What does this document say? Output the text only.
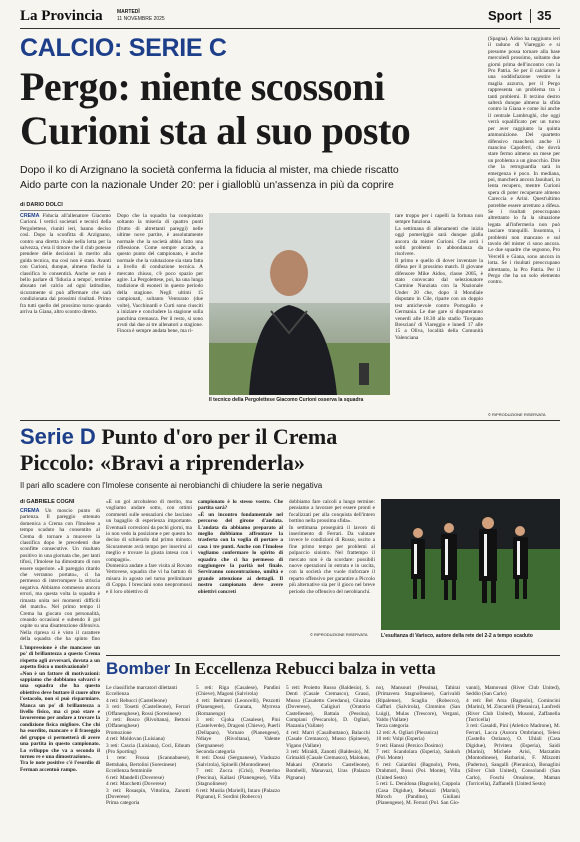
La Provincia	MARTEDÌ
11 NOVEMBRE 2025	Sport 35
CALCIO: SERIE C
Pergo: niente scossoni
Curioni sta al suo posto
Dopo il ko di Arzignano la società conferma la fiducia al mister, ma chiede riscatto
Aido parte con la nazionale Under 20: per i gialloblù un'assenza in più da coprire
di DARIO DOLCI
CREMA Fiducia all'allenatore Giacomo Curioni. I vertici societari e tecnici della Pergolettese, riuniti ieri, hanno deciso così. Dopo la sconfitta di Arzignano, contro una diretta rivale nella lotta per la salvezza, c'era il timore che il club potesse prendere delle decisioni in merito alla guida tecnica, ma così non è stato. Avanti con Curioni, dunque, almeno finché la classifica lo consentirà. Anche se non è bello parlare di 'fiducia a tempo', termine abusato nel calcio ad ogni latitudine, sicuramente si può affermare che sarà condizionata dai prossimi risultati. Primo fra tutti quello del prossimo turno quando arriva la Giana, altro scontro diretto.
Dopo che la squadra ha conquistato soltanto la miseria di quattro punti (frutto di altrettanti pareggi) nelle ultime nove partite, è assolutamente normale che la società abbia fatto una riflessione. Come sempre accade, a questo punto del campionato, è anche normale che la valutazione sia stata fatta a livello di conduzione tecnica. A mercato chiuso, c'è poco spazio per agire. La Pergolettese, poi, ha una lunga tradizione di esoneri in questo periodo della stagione. Negli ultimi 15 campionati, soltanto Venturato (due volte), Vacchinardi e Curti sono riusciti a iniziare e concludere la stagione sulla panchina cremasca. Per il resto, si sono avuti dai due ai tre allenatori a stagione. Finora è sempre andata bene, ma ri-
Il tecnico della Pergolettese Giacomo Curioni osserva la squadra
(Spagna). Aidoo ha raggiunto ieri il raduno di Viareggio e si presume possa tornare alla base mercoledì prossimo, soltanto due giorni prima dell'incontro con la Pro Patria. Se per il calciatore è una soddisfazione vestire la maglia azzurra, per il Pergo rappresenta un problema tra i tanti problemi. Il terzino destro salterà dunque almeno la sfida contro la Giana e come lui anche il centrale Lambrughi, che oggi verrà squalificato per un turno per aver raggiunto la quinta ammonizione. Del quartetto difensivo mancherà anche il mancino Capoferri, che dovrà stare fermo almeno un mese per un problema a un ginocchio. Dire che la retroguardia sarà in emergenza è poco. In mediana, poi, mancherà ancora Jaouhari, in lenta recupero, mentre Curioni spera di poter recuperare almeno Careccia e Arini. Quest'ultimo potrebbe essere arretrato a difesa. Se i risultati preoccupano altrettanto lo fa la situazione legata all'infermeria non può lasciare tranquilli. Insomma, i problemi non mancano e sul tavolo del mister ci sono ancora. Le due squadre che seguono, Pro Vercelli e Giana, sono ancora in lotta. Se i risultati preoccupano altrettanto, la Pro Patria. Per il Pergo che ha un solo elemento contro.
rare troppo per i capelli la fortuna non sempre funziona.
La settimana di allenamenti che inizia oggi pomeriggio sarà dunque gialla ancora da mister Curioni. Che avrà i soliti problemi in abbondanza da risolvere.
Il primo e quello di dover inventare la difesa per il prossimo match. Il giovane difensore Mike Aidoo, classe 2005, è stato convocato dal selezionatore Carmine Nunziata con la Nazionale Under 20 che, dopo il Mondiale disputato in Cile, riparte con un doppio test amichevole contro Portogallo e Germania. Le due gare si disputeranno venerdì alle 18.30 allo stadio 'Torquato Bresciani' di Viareggio e lunedì 17 alle 15 a Oliva, località della Comunità Valenciana
© RIPRODUZIONE RISERVATA
Serie D Punto d'oro per il Crema
Piccolo: «Bravi a riprenderla»
Il pari allo scadere con l'Imolese consente ai nerobianchi di chiudere la serie negativa
di GABRIELE COGNI
CREMA Un moscio punto di partenza. Il pareggio ottenuto domenica a Crema con l'Imolese a tempo scaduto ha consentito al Crema di tornare a muovere la classifica dopo le precedenti due sconfitte consecutive. Un risultato positivo in una giornata che, per tanti tifosi, l'Imolese ha dimostrato di non essere superiore. «Il pareggio ritardo che verranno portato», ci ha permesso di interrompere la striscia negativa. Abbiamo commesso ancora errori, ma questa volta la squadra è rimasta unita nei momenti difficili del match». Nel primo tempo il Crema ha giocato con personalità, creando occasioni e subendo il gol ospite su una disattenzione difensiva. Nella ripresa si è visto il carattere della squadra che ha spinto fino
L'impressione è che mancasse un po' di brillantezza a questo Crema rispetto agli avversari, dovuta a un aspetto fisico o motivazionale?
«Non è un fattore di motivazioni: sappiamo che dobbiamo salvarci e una squadra che ha questo obiettivo deve buttare il cuore oltre l'ostacolo, non si può risparmiare. Manca un po' di brillantezza a livello fisico, ma ci può stare e lavoreremo per andare a trovare la condizione fisica migliore. Che chi ha esordito, mancare e il fraseggio del gruppo ci permetterà di avere una partita in questo campionato. Lo sviluppo che va a secondo il torneo re e una dimostrazione».
Tra le note positive c'è l'esordio di Ferman accentuò rampo.
«È un gol arcobaleno di merito, ma vogliamo andare sotto, con ottimi commenti sulle sensazioni che lasciano un bagaglio di esperienza importante. Eventuali correzioni da pochi giorni, ma io non vedo la posizione e per questo ho deciso di schierarlo dal primo minuto. Sicuramente avrà tempo per inserirsi al meglio e trovare la giusta intesa con i compagni».
Domenica andate a fare visita al Rovato Vertovese, squadra che vi ha battuto di misura in agosto nel turno preliminare di Coppa. I bresciani sono neopromossi e il loro obiettivo di
campionato è lo stesso vostro. Che partita sarà?
«È un incontro fondamentale nel percorso del girone d'andata. L'andata da abbiamo preparato al meglio dobbiamo affrontare la trasferta con la voglia di portare a casa i tre punti. Anche con l'Imolese vogliamo confermare lo spirito di squadra che ci ha permesso di raggiungere la parità nel finale. Serviranno concentrazione, umiltà e grande attenzione ai dettagli. Il nostro campionato deve avere obiettivi concreti
dobbiamo fare calcoli a lungo termine: pensiamo a lavorare per essere pronti e focalizzati per alla conquista dell'intero bottino nella prossima sfida».
In settimana proseguirà il lavoro di inserimento di Ferrari. Da valutare invece le condizioni di Russo, uscito a fine primo tempo per problemi al polpaccio sinistro. Nel frattempo il mercato non è da scordare: possibili nuove operazioni in entrata e in uscita, con la società che vuole rinforzare il reparto offensivo per garantire a Piccolo più alternative sia per il gioco nel breve periodo che offensivo del nerobianchi.
© RIPRODUZIONE RISERVATA	L'esultanza di Varisco, autore della rete del 2-2 a tempo scaduto
Bomber In Eccellenza Rebucci balza in vetta
Le classifiche marcatori dilettanti
Eccellenza
4 reti: Rebucci (Castelleone)
3 reti: Tosetti (Castelleone), Ferrari (Offanenghese), Rossi (Soresinese)
2 reti: Bosco (Rivoltana), Bettoni (Offanenghese)
Promozione
4 reti: Moldovan (Luisiana)
3 reti: Cascia (Luisiana), Coci, Eduum (Pro Sporting)
1 rete: Frussa (Scannabuese), Bettshaku, Bertolini (Soresinese)
Eccellenza femminile
6 reti: Mandelli (Doverese)
4 reti: Macchetti (Doverese)
3 reti: Rosaspin, Vittolina, Zanotti (Doverese)
Prima categoria
5 reti: Riga (Casalese), Pandini (Chieve), Magoni (Salvirola)
4 reti: Beltrami (Leoncelli), Pezzotti (Pianengese), Granata, Myrreza (Romanengo)
3 reti: Gjoka (Casalese), Pini (Castelverde), Dragoni (Chieve), Puerli (Dellapan), Vornaro (Pianengese), Ndiaye (Rivoltana), Valente (Sergnanese)
Seconda categoria
8 reti: Dossi (Sergnanese), Viaduzzo (Salvirola), Spinelli (Montodinese)
7 reti: Zocca (Crisi), Posterino (Pescina), Kaliasi (Pianengese), Villa (Stagnolinese)
6 reti: Muslia (Mariell), Intaro (Palazzo Pignano), F. Sordini (Robecco)
5 reti: Proietto Russo (Baldesio), S. Denti (Casale Cremasco), Grassi, Musso (Casaletto Ceredano), Gluzina (Doverese), Caligiuri (Oratorio Castelleone), Battaia (Pessina), Compiani (Pescarolo), D. Ogliari, Plazania (Vallate)
4 reti: Marri (Casalbuttano), Balacchi (Casale Cremasco), Musso (Spinese), Vigano (Vallate)
3 reti: Miraldi, Zanotti (Baldesio), M. Grimaldi (Casale Cremasco), Malokuu, Makani (Oratorio Castelleone), Bombelli, Manavazi, Uras (Palazzo Pignano)
no), Mansouri (Pessina), Tahirai (Primavera Stagnolinese), Garivaldi (Ripalense), Scaglia (Robecco), Gaffuri (Salvirola), Cimmino (San Luigi), Mulas (Trescore), Vergani, Valdo (Vallate)
Terza categoria
12 reti: A. Ogliari (Pieranica)
10 reti: Volpi (Esperia)
9 reti: Hanssi (Persico Dosimo)
7 reti: Scandolara (Esperia), Sankoh (Pol. Monte)
6 reti: Gaiardini (Bagnolo), Preta, Drahmori, Bossi (Pol. Monte), Villa (United Sesto)
5 reti: L. Denidona (Bagnolo), Coppola (Casa Digidue), Rebuzzi (Marini), Miroch (Pandino), Giuliani (Pianengese), M. Ferrari (Pol. San Gio-
vanni), Mamovani (River Club United), Seddio (San Carlo)
4 reti: Bel Arsa (Bagnolo), Comincini (Marini), M. Zincarelli (Pieranica), Lanfredi (River Club United), Musoni, Zaffanella (Torricella)
3 reti: Gasaldi, Pini (Atletico Madrone), M. Ferrari, Lacca (Aurora Ombriano), Telesi (Castello Ostiano), O. Uhlali (Casa Digidue), Privitera (Esperia), Saidi (Marini), Michele Arisi, Marzatim (Montodinese), Barbarini, F. Mizzotti (Paderno), Sangalli (Pieranica), Bonaglini (Silver Club United), Consolandi (San Carlo), Foschi Onsalone, Maman (Torricella), Zaffanelli (United Sesto)
